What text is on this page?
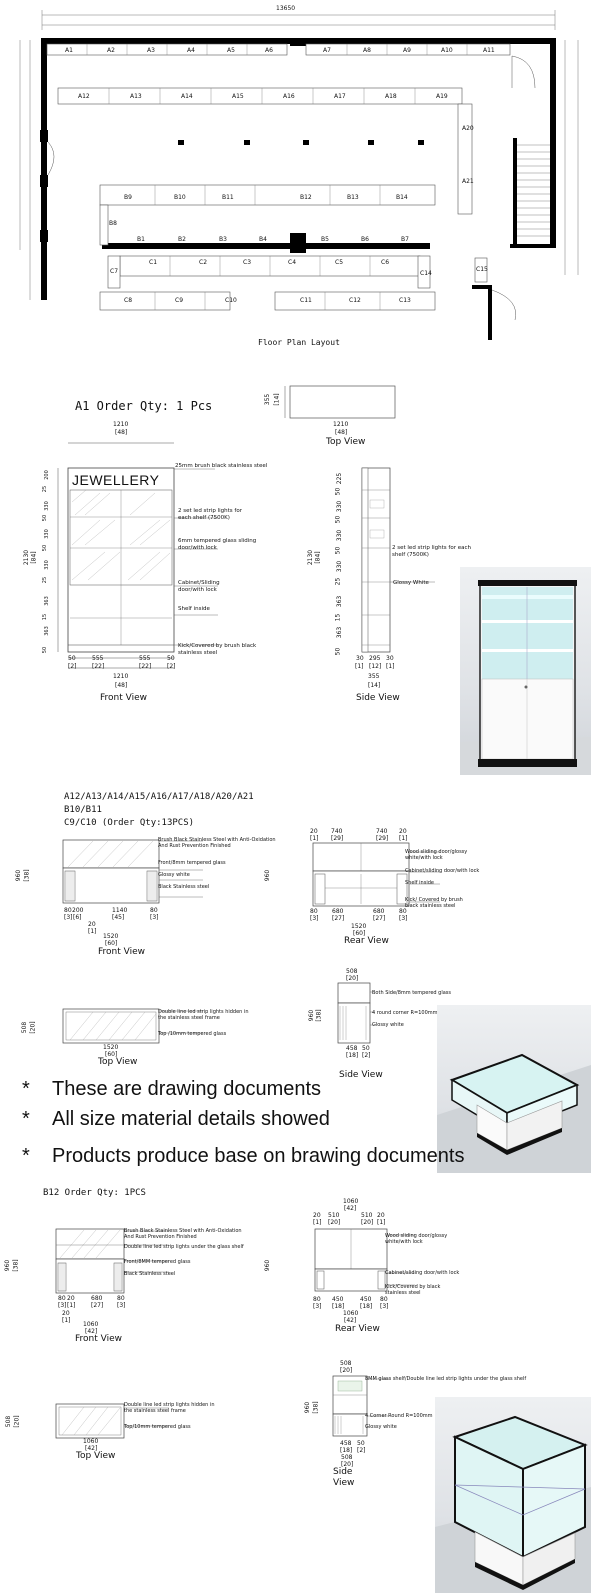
13650
A1	A2	A3	A4	A5	A6	A7	A8	A9	A10	A11
A12	A13	A14	A15	A16	A17	A18	A19
A20
A21
B9	B10	B11	B12	B13	B14
B1	B2	B3	B4	B5	B6	B7
B8
C1	C2	C3	C4	C5	C6
C8	C9	C10	C11	C12	C13
C7	C14
C15
Floor Plan Layout
A1 Order Qty: 1 Pcs	355 [14]
1210
[48]
Top View
1210
[48]
JEWELLERY
2130 [84]
200
25
330
50
330
50
330
25
363
15
363
50
25mm brush black stainless steel
2 set led strip lights for each shelf (7500K)
6mm tempered glass sliding door/with lock
Cabinet/Sliding door/with lock
Shelf inside
Kick/Covered by brush black stainless steel
50	555	555	50
[2]	[22]	[22]	[2]
1210
[48]
Front View
2130 [84]
225
50
330
50
330
50
330
25
363
15
363
50
2 set led strip lights for each shelf (7500K)
Glossy White
30 295 30
[1] [12] [1]
355
[14]
Side View
A12/A13/A14/A15/A16/A17/A18/A20/A21
B10/B11
C9/C10 (Order Qty:13PCS)
960 [38]
Brush Black Stainless Steel with Anti-Oxidation And Rust Prevention Finished
Front/8mm tempered glass
Glossy white
Black Stainless steel
80 200	1140	80
[3] [6]	[45]	[3]
20
[1]
1520
[60]
Front View
20 740	740 20
[1] [29]	[29] [1]
960
Wood sliding door/glossy white/with lock
Cabinet/sliding door/with lock
Shelf inside
Kick/ Covered by brush black stainless steel
80 680	680 80
[3] [27]	[27] [3]
1520
[60]
Rear View
508 [20]
Double line led strip lights hidden in the stainless steel frame
Top /10mm tempered glass
1520
[60]
Top View
508
[20]
960 [38]
Both Side/8mm tempered glass
4 round corner R=100mm
Glossy white
458 50
[18] [2]
Side View
* These are drawing documents
* All size material details showed
* Products produce base on brawing documents
B12 Order Qty: 1PCS
960 [38]
Brush Black Stainless Steel with Anti-Oxidation And Rust Prevention Finished
Double line led strip lights under the glass shelf
Front/8MM tempered glass
Black Stainless steel
80 20	680 80
[3] [1]	[27] [3]
20
[1]
1060
[42]
Front View
1060
[42]
20 510	510 20
[1] [20]	[20] [1]
960
Wood sliding door/glossy white/with lock
Cabinet/sliding door/with lock
Kick/Covered by black stainless steel
80 450	450 80
[3] [18]	[18] [3]
1060
[42]
Rear View
508 [20]
Double line led strip lights hidden in the stainless steel frame
Top/10mm tempered glass
1060
[42]
Top View
508
[20]
960 [38]
8MM glass shelf/Double line led strip lights under the glass shelf
4 Corner Round R=100mm
Glossy white
458 50
[18] [2]
508
[20]
Side
View
